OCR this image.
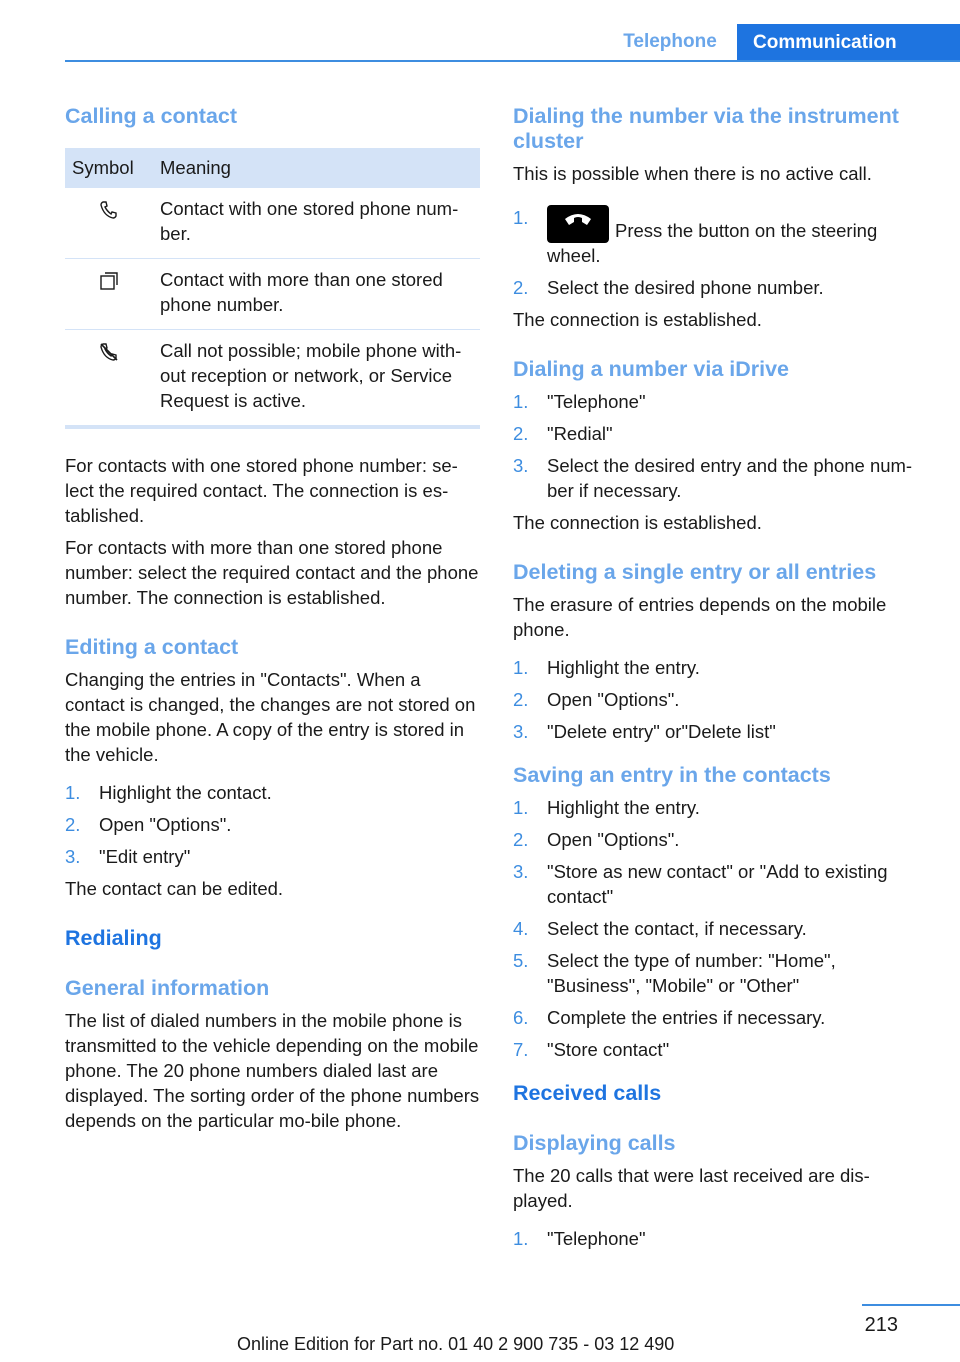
Telephone	Communication
Calling a contact
Symbol	Meaning
	Contact with one stored phone num-ber.
	Contact with more than one stored phone number.
	Call not possible; mobile phone with-out reception or network, or Service Request is active.
For contacts with one stored phone number: se-lect the required contact. The connection is es-tablished.
For contacts with more than one stored phone number: select the required contact and the phone number. The connection is established.
Editing a contact
Changing the entries in "Contacts". When a contact is changed, the changes are not stored on the mobile phone. A copy of the entry is stored in the vehicle.
1. Highlight the contact.
2. Open "Options".
3. "Edit entry"
The contact can be edited.
Redialing
General information
The list of dialed numbers in the mobile phone is transmitted to the vehicle depending on the mobile phone. The 20 phone numbers dialed last are displayed. The sorting order of the phone numbers depends on the particular mo-bile phone.
Dialing the number via the instrument cluster
This is possible when there is no active call.
1.
Press the button on the steering wheel.
2. Select the desired phone number.
The connection is established.
Dialing a number via iDrive
1. "Telephone"
2. "Redial"
3. Select the desired entry and the phone num-ber if necessary.
The connection is established.
Deleting a single entry or all entries
The erasure of entries depends on the mobile phone.
1. Highlight the entry.
2. Open "Options".
3. "Delete entry" or"Delete list"
Saving an entry in the contacts
1. Highlight the entry.
2. Open "Options".
3. "Store as new contact" or "Add to existing contact"
4. Select the contact, if necessary.
5. Select the type of number: "Home", "Business", "Mobile" or "Other"
6. Complete the entries if necessary.
7. "Store contact"
Received calls
Displaying calls
The 20 calls that were last received are dis-played.
1. "Telephone"
213
Online Edition for Part no. 01 40 2 900 735 - 03 12 490
